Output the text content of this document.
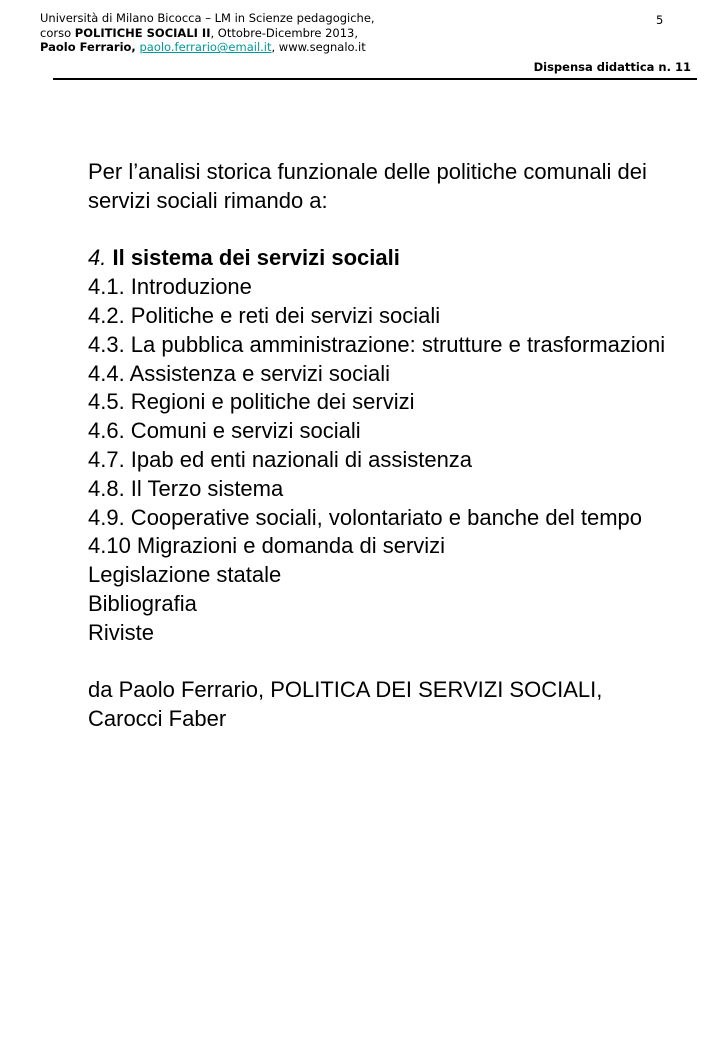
Università di Milano Bicocca – LM in Scienze pedagogiche,
corso POLITICHE SOCIALI II, Ottobre-Dicembre 2013,
Paolo Ferrario, paolo.ferrario@email.it, www.segnalo.it
5
Dispensa didattica n. 11

Per l’analisi storica funzionale delle politiche comunali dei servizi sociali rimando a:

4. Il sistema dei servizi sociali
4.1. Introduzione
4.2. Politiche e reti dei servizi sociali
4.3. La pubblica amministrazione: strutture e trasformazioni
4.4. Assistenza e servizi sociali
4.5. Regioni e politiche dei servizi
4.6. Comuni e servizi sociali
4.7. Ipab ed enti nazionali di assistenza
4.8. Il Terzo sistema
4.9. Cooperative sociali, volontariato e banche del tempo
4.10 Migrazioni e domanda di servizi
Legislazione statale
Bibliografia
Riviste

da Paolo Ferrario, POLITICA DEI SERVIZI SOCIALI, Carocci Faber
